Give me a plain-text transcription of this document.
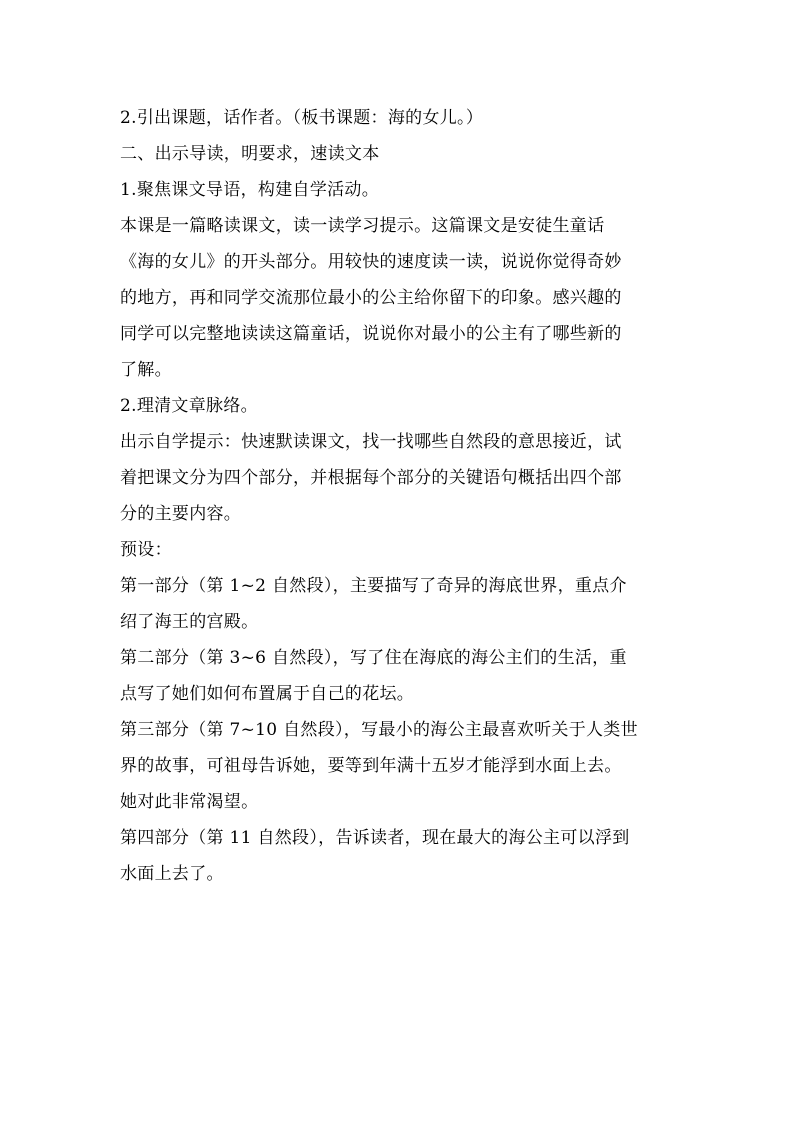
2.引出课题，话作者。（板书课题：海的女儿。）
二、出示导读，明要求，速读文本
1.聚焦课文导语，构建自学活动。
本课是一篇略读课文，读一读学习提示。这篇课文是安徒生童话
《海的女儿》的开头部分。用较快的速度读一读，说说你觉得奇妙
的地方，再和同学交流那位最小的公主给你留下的印象。感兴趣的
同学可以完整地读读这篇童话，说说你对最小的公主有了哪些新的
了解。
2.理清文章脉络。
出示自学提示：快速默读课文，找一找哪些自然段的意思接近，试
着把课文分为四个部分，并根据每个部分的关键语句概括出四个部
分的主要内容。
预设：
第一部分（第 1~2 自然段），主要描写了奇异的海底世界，重点介
绍了海王的宫殿。
第二部分（第 3~6 自然段），写了住在海底的海公主们的生活，重
点写了她们如何布置属于自己的花坛。
第三部分（第 7~10 自然段），写最小的海公主最喜欢听关于人类世
界的故事，可祖母告诉她，要等到年满十五岁才能浮到水面上去。
她对此非常渴望。
第四部分（第 11 自然段），告诉读者，现在最大的海公主可以浮到
水面上去了。
